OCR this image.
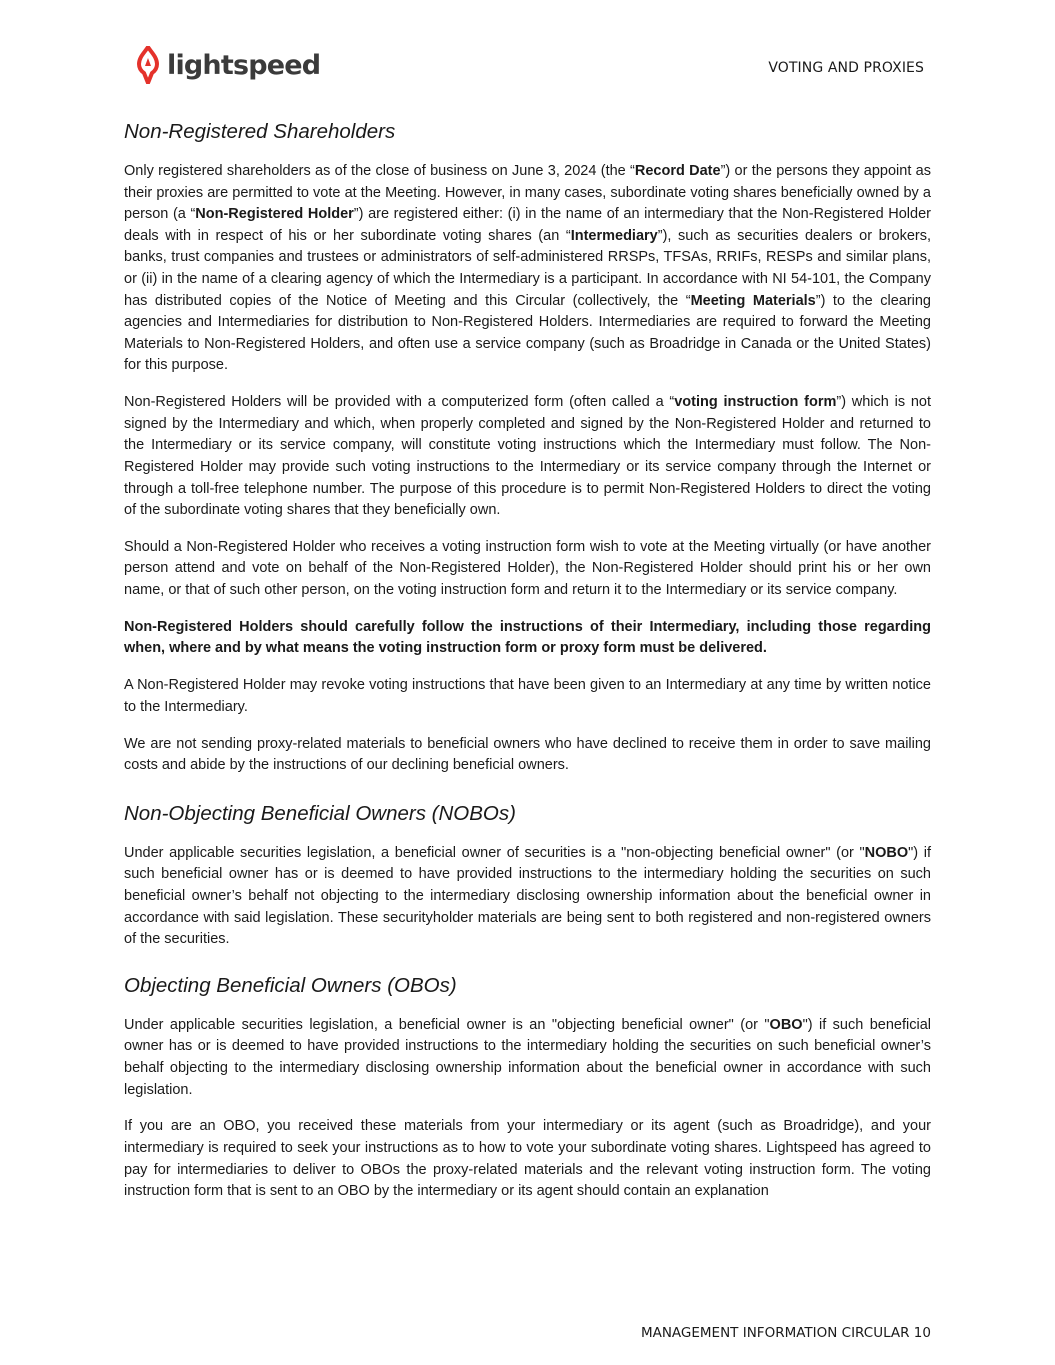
lightspeed	VOTING AND PROXIES
Non-Registered Shareholders

Only registered shareholders as of the close of business on June 3, 2024 (the “Record Date”) or the persons they appoint as their proxies are permitted to vote at the Meeting. However, in many cases, subordinate voting shares beneficially owned by a person (a “Non-Registered Holder”) are registered either: (i) in the name of an intermediary that the Non-Registered Holder deals with in respect of his or her subordinate voting shares (an “Intermediary”), such as securities dealers or brokers, banks, trust companies and trustees or administrators of self-administered RRSPs, TFSAs, RRIFs, RESPs and similar plans, or (ii) in the name of a clearing agency of which the Intermediary is a participant. In accordance with NI 54-101, the Company has distributed copies of the Notice of Meeting and this Circular (collectively, the “Meeting Materials”) to the clearing agencies and Intermediaries for distribution to Non-Registered Holders. Intermediaries are required to forward the Meeting Materials to Non-Registered Holders, and often use a service company (such as Broadridge in Canada or the United States) for this purpose.

Non-Registered Holders will be provided with a computerized form (often called a “voting instruction form”) which is not signed by the Intermediary and which, when properly completed and signed by the Non-Registered Holder and returned to the Intermediary or its service company, will constitute voting instructions which the Intermediary must follow. The Non-Registered Holder may provide such voting instructions to the Intermediary or its service company through the Internet or through a toll-free telephone number. The purpose of this procedure is to permit Non-Registered Holders to direct the voting of the subordinate voting shares that they beneficially own.

Should a Non-Registered Holder who receives a voting instruction form wish to vote at the Meeting virtually (or have another person attend and vote on behalf of the Non-Registered Holder), the Non-Registered Holder should print his or her own name, or that of such other person, on the voting instruction form and return it to the Intermediary or its service company.

Non-Registered Holders should carefully follow the instructions of their Intermediary, including those regarding when, where and by what means the voting instruction form or proxy form must be delivered.

A Non-Registered Holder may revoke voting instructions that have been given to an Intermediary at any time by written notice to the Intermediary.

We are not sending proxy-related materials to beneficial owners who have declined to receive them in order to save mailing costs and abide by the instructions of our declining beneficial owners.

Non-Objecting Beneficial Owners (NOBOs)

Under applicable securities legislation, a beneficial owner of securities is a "non-objecting beneficial owner" (or "NOBO") if such beneficial owner has or is deemed to have provided instructions to the intermediary holding the securities on such beneficial owner’s behalf not objecting to the intermediary disclosing ownership information about the beneficial owner in accordance with said legislation. These securityholder materials are being sent to both registered and non-registered owners of the securities.

Objecting Beneficial Owners (OBOs)

Under applicable securities legislation, a beneficial owner is an "objecting beneficial owner" (or "OBO") if such beneficial owner has or is deemed to have provided instructions to the intermediary holding the securities on such beneficial owner’s behalf objecting to the intermediary disclosing ownership information about the beneficial owner in accordance with such legislation.

If you are an OBO, you received these materials from your intermediary or its agent (such as Broadridge), and your intermediary is required to seek your instructions as to how to vote your subordinate voting shares. Lightspeed has agreed to pay for intermediaries to deliver to OBOs the proxy-related materials and the relevant voting instruction form. The voting instruction form that is sent to an OBO by the intermediary or its agent should contain an explanation

MANAGEMENT INFORMATION CIRCULAR 10
